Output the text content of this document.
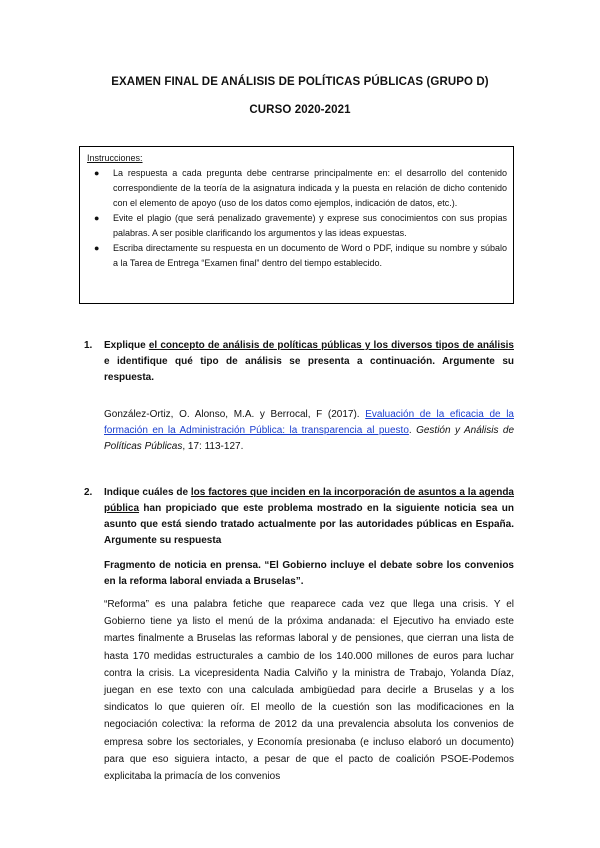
EXAMEN FINAL DE ANÁLISIS DE POLÍTICAS PÚBLICAS (GRUPO D)
CURSO 2020-2021
Instrucciones:
● La respuesta a cada pregunta debe centrarse principalmente en: el desarrollo del contenido correspondiente de la teoría de la asignatura indicada y la puesta en relación de dicho contenido con el elemento de apoyo (uso de los datos como ejemplos, indicación de datos, etc.).
● Evite el plagio (que será penalizado gravemente) y exprese sus conocimientos con sus propias palabras. A ser posible clarificando los argumentos y las ideas expuestas.
● Escriba directamente su respuesta en un documento de Word o PDF, indique su nombre y súbalo a la Tarea de Entrega “Examen final” dentro del tiempo establecido.
1. Explique el concepto de análisis de políticas públicas y los diversos tipos de análisis e identifique qué tipo de análisis se presenta a continuación. Argumente su respuesta.
González-Ortiz, O. Alonso, M.A. y Berrocal, F (2017). Evaluación de la eficacia de la formación en la Administración Pública: la transparencia al puesto. Gestión y Análisis de Políticas Públicas, 17: 113-127.
2. Indique cuáles de los factores que inciden en la incorporación de asuntos a la agenda pública han propiciado que este problema mostrado en la siguiente noticia sea un asunto que está siendo tratado actualmente por las autoridades públicas en España. Argumente su respuesta
Fragmento de noticia en prensa. “El Gobierno incluye el debate sobre los convenios en la reforma laboral enviada a Bruselas”.

“Reforma” es una palabra fetiche que reaparece cada vez que llega una crisis. Y el Gobierno tiene ya listo el menú de la próxima andanada: el Ejecutivo ha enviado este martes finalmente a Bruselas las reformas laboral y de pensiones, que cierran una lista de hasta 170 medidas estructurales a cambio de los 140.000 millones de euros para luchar contra la crisis. La vicepresidenta Nadia Calviño y la ministra de Trabajo, Yolanda Díaz, juegan en ese texto con una calculada ambigüedad para decirle a Bruselas y a los sindicatos lo que quieren oír. El meollo de la cuestión son las modificaciones en la negociación colectiva: la reforma de 2012 da una prevalencia absoluta los convenios de empresa sobre los sectoriales, y Economía presionaba (e incluso elaboró un documento) para que eso siguiera intacto, a pesar de que el pacto de coalición PSOE-Podemos explicitaba la primacía de los convenios
